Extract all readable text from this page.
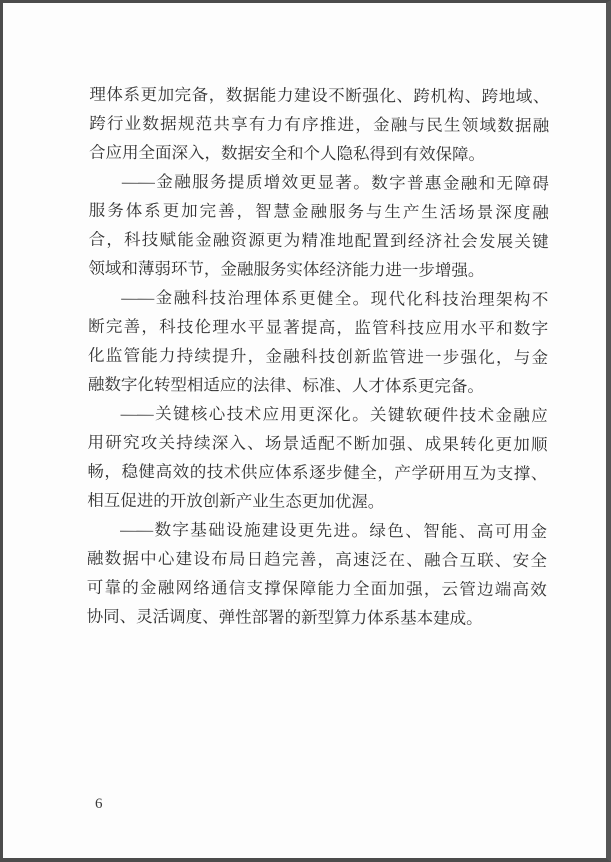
理体系更加完备，数据能力建设不断强化、跨机构、跨地域、
跨行业数据规范共享有力有序推进，金融与民生领域数据融
合应用全面深入，数据安全和个人隐私得到有效保障。
——金融服务提质增效更显著。数字普惠金融和无障碍
服务体系更加完善，智慧金融服务与生产生活场景深度融
合，科技赋能金融资源更为精准地配置到经济社会发展关键
领域和薄弱环节，金融服务实体经济能力进一步增强。
——金融科技治理体系更健全。现代化科技治理架构不
断完善，科技伦理水平显著提高，监管科技应用水平和数字
化监管能力持续提升，金融科技创新监管进一步强化，与金
融数字化转型相适应的法律、标准、人才体系更完备。
——关键核心技术应用更深化。关键软硬件技术金融应
用研究攻关持续深入、场景适配不断加强、成果转化更加顺
畅，稳健高效的技术供应体系逐步健全，产学研用互为支撑、
相互促进的开放创新产业生态更加优渥。
——数字基础设施建设更先进。绿色、智能、高可用金
融数据中心建设布局日趋完善，高速泛在、融合互联、安全
可靠的金融网络通信支撑保障能力全面加强，云管边端高效
协同、灵活调度、弹性部署的新型算力体系基本建成。
6
